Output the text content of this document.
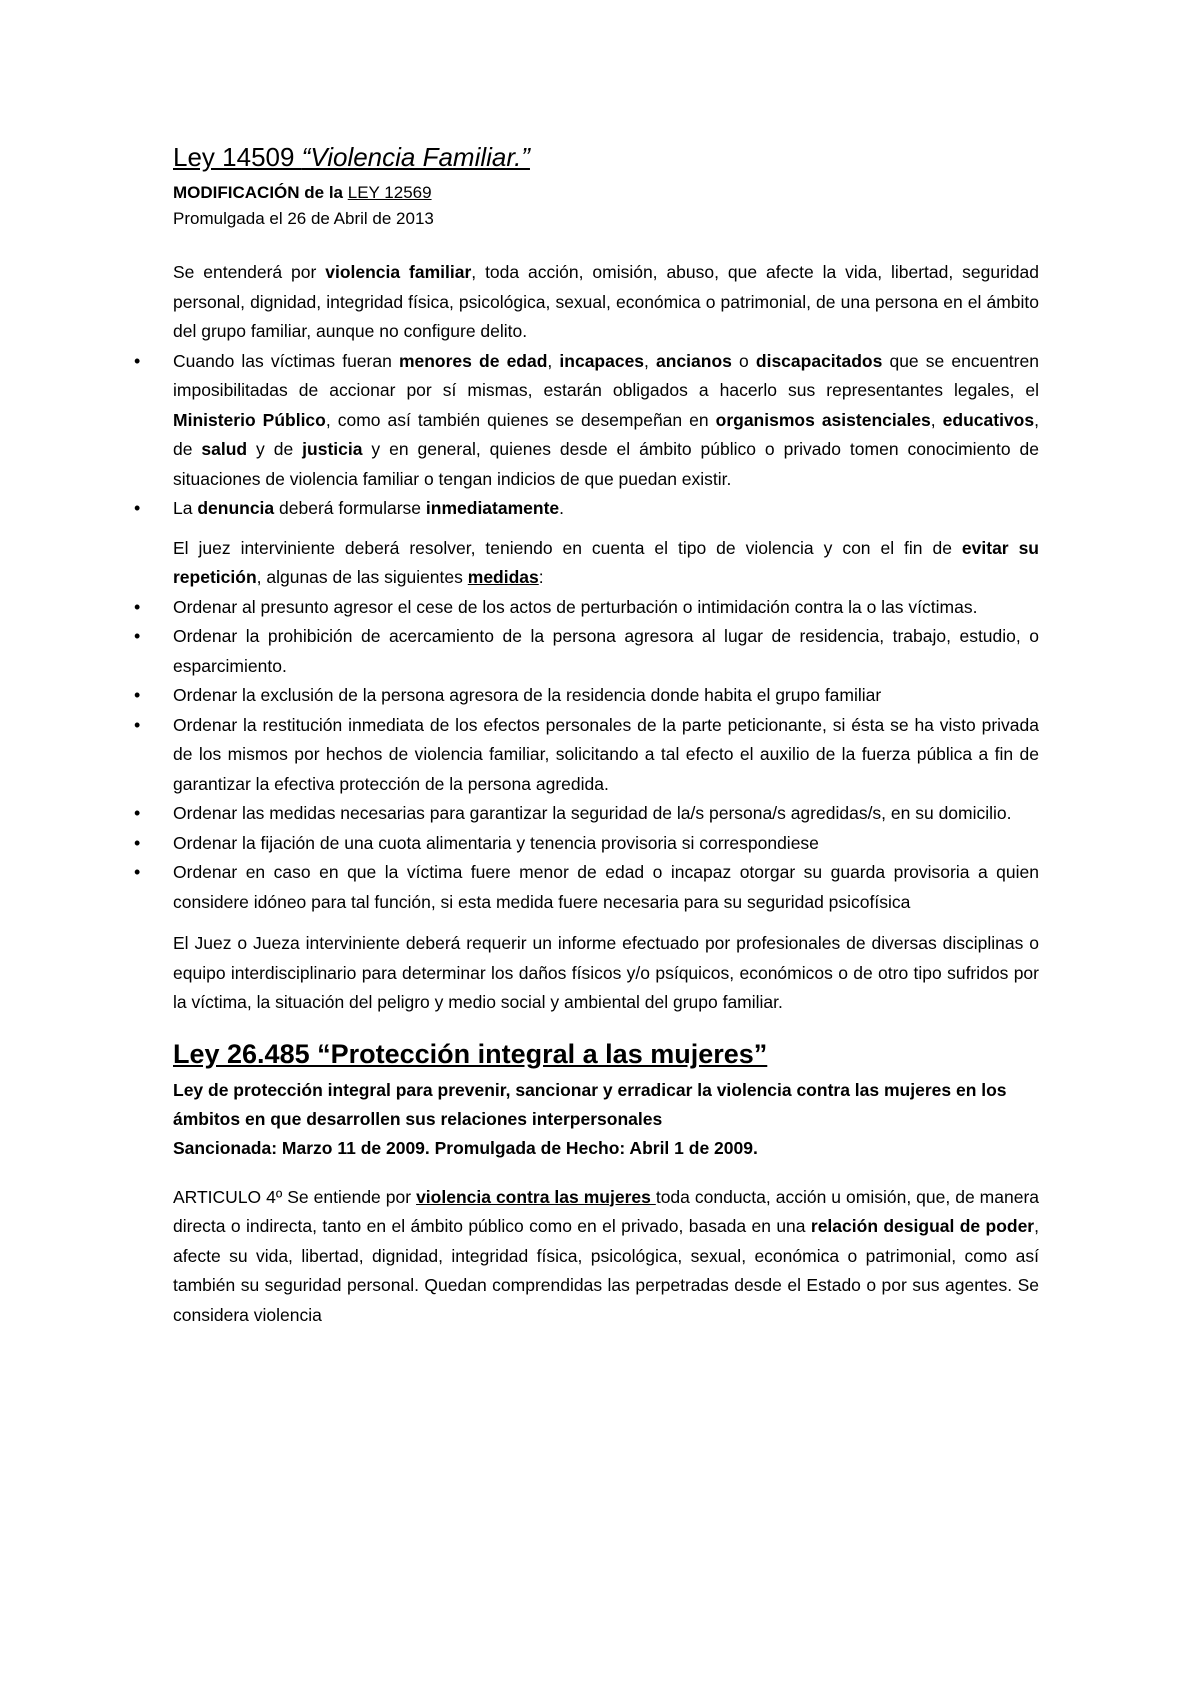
Ley 14509 “Violencia Familiar.”

MODIFICACIÓN de la LEY 12569

Promulgada el 26 de Abril de 2013

Se entenderá por violencia familiar, toda acción, omisión, abuso, que afecte la vida, libertad, seguridad personal, dignidad, integridad física, psicológica, sexual, económica o patrimonial, de una persona en el ámbito del grupo familiar, aunque no configure delito.

• Cuando las víctimas fueran menores de edad, incapaces, ancianos o discapacitados que se encuentren imposibilitadas de accionar por sí mismas, estarán obligados a hacerlo sus representantes legales, el Ministerio Público, como así también quienes se desempeñan en organismos asistenciales, educativos, de salud y de justicia y en general, quienes desde el ámbito público o privado tomen conocimiento de situaciones de violencia familiar o tengan indicios de que puedan existir.
• La denuncia deberá formularse inmediatamente.

El juez interviniente deberá resolver, teniendo en cuenta el tipo de violencia y con el fin de evitar su repetición, algunas de las siguientes medidas:

• Ordenar al presunto agresor el cese de los actos de perturbación o intimidación contra la o las víctimas.
• Ordenar la prohibición de acercamiento de la persona agresora al lugar de residencia, trabajo, estudio, o esparcimiento.
• Ordenar la exclusión de la persona agresora de la residencia donde habita el grupo familiar
• Ordenar la restitución inmediata de los efectos personales de la parte peticionante, si ésta se ha visto privada de los mismos por hechos de violencia familiar, solicitando a tal efecto el auxilio de la fuerza pública a fin de garantizar la efectiva protección de la persona agredida.
• Ordenar las medidas necesarias para garantizar la seguridad de la/s persona/s agredidas/s, en su domicilio.
• Ordenar la fijación de una cuota alimentaria y tenencia provisoria si correspondiese
• Ordenar en caso en que la víctima fuere menor de edad o incapaz otorgar su guarda provisoria a quien considere idóneo para tal función, si esta medida fuere necesaria para su seguridad psicofísica

El Juez o Jueza interviniente deberá requerir un informe efectuado por profesionales de diversas disciplinas o equipo interdisciplinario para determinar los daños físicos y/o psíquicos, económicos o de otro tipo sufridos por la víctima, la situación del peligro y medio social y ambiental del grupo familiar.

Ley 26.485 “Protección integral a las mujeres”

Ley de protección integral para prevenir, sancionar y erradicar la violencia contra las mujeres en los ámbitos en que desarrollen sus relaciones interpersonales

Sancionada: Marzo 11 de 2009. Promulgada de Hecho: Abril 1 de 2009.

ARTICULO 4º Se entiende por violencia contra las mujeres toda conducta, acción u omisión, que, de manera directa o indirecta, tanto en el ámbito público como en el privado, basada en una relación desigual de poder, afecte su vida, libertad, dignidad, integridad física, psicológica, sexual, económica o patrimonial, como así también su seguridad personal. Quedan comprendidas las perpetradas desde el Estado o por sus agentes. Se considera violencia
